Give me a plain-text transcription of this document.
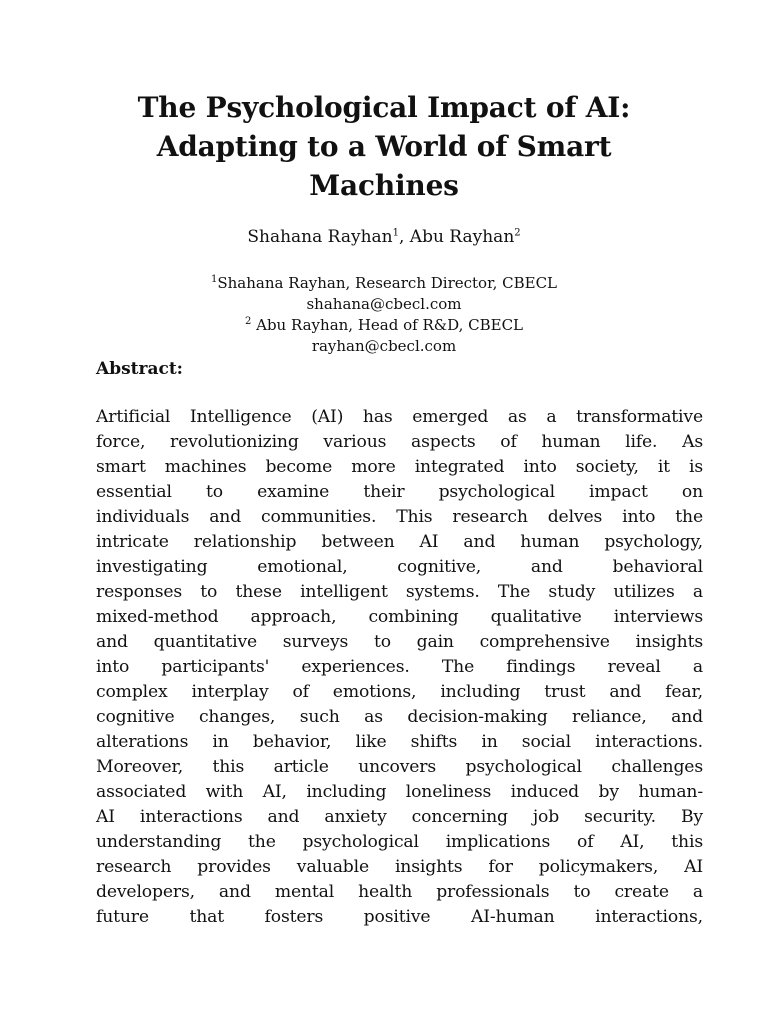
The Psychological Impact of AI:
Adapting to a World of Smart
Machines
Shahana Rayhan$^1$, Abu Rayhan$^2$
$^1$Shahana Rayhan, Research Director, CBECL
shahana@cbecl.com
$^2$ Abu Rayhan, Head of R&D, CBECL
rayhan@cbecl.com
Abstract:

Artificial Intelligence (AI) has emerged as a transformative
force, revolutionizing various aspects of human life. As
smart machines become more integrated into society, it is
essential to examine their psychological impact on
individuals and communities. This research delves into the
intricate relationship between AI and human psychology,
investigating emotional, cognitive, and behavioral
responses to these intelligent systems. The study utilizes a
mixed-method approach, combining qualitative interviews
and quantitative surveys to gain comprehensive insights
into participants' experiences. The findings reveal a
complex interplay of emotions, including trust and fear,
cognitive changes, such as decision-making reliance, and
alterations in behavior, like shifts in social interactions.
Moreover, this article uncovers psychological challenges
associated with AI, including loneliness induced by human-
AI interactions and anxiety concerning job security. By
understanding the psychological implications of AI, this
research provides valuable insights for policymakers, AI
developers, and mental health professionals to create a
future that fosters positive AI-human interactions,
